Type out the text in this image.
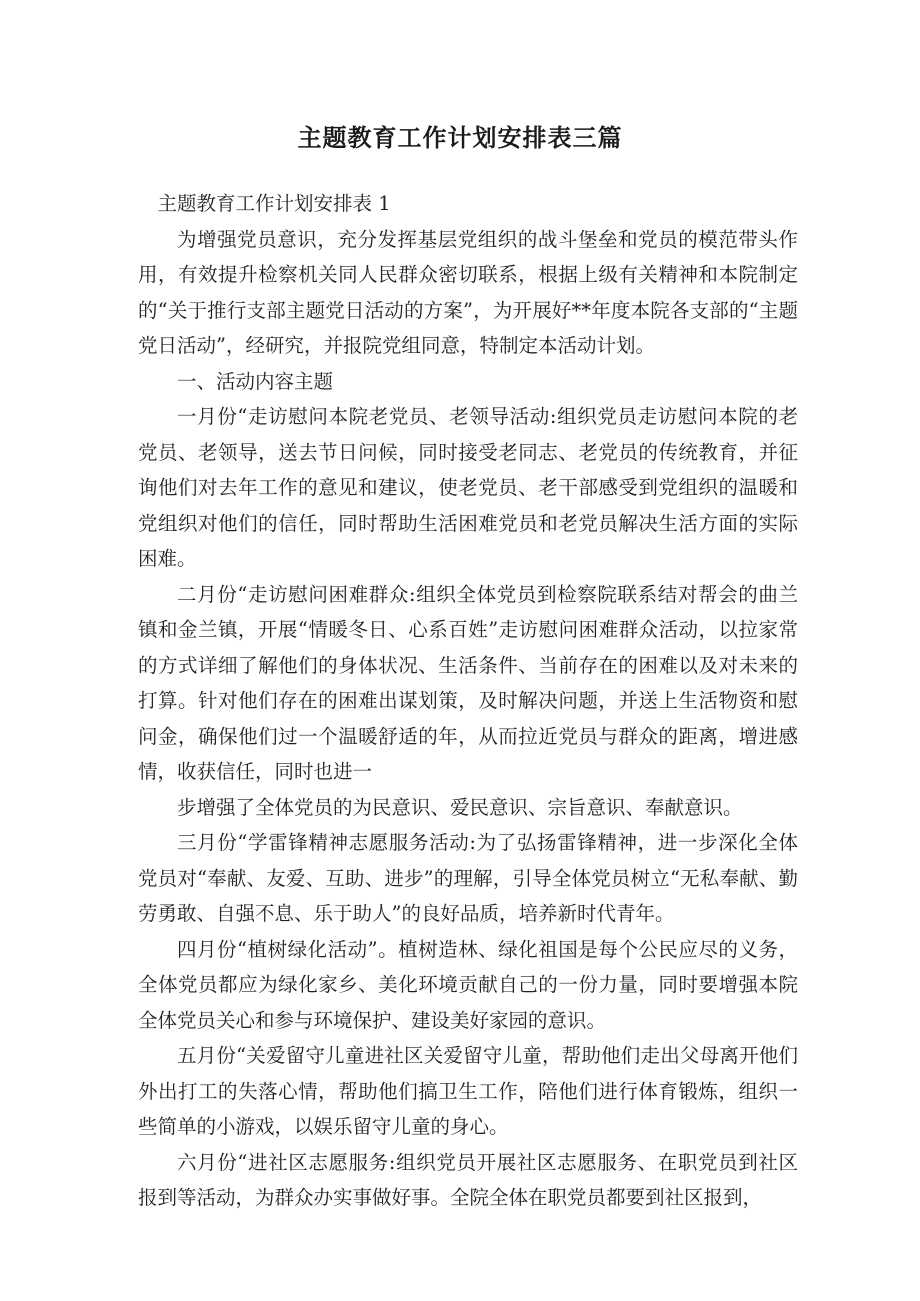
主题教育工作计划安排表三篇

主题教育工作计划安排表 1

为增强党员意识，充分发挥基层党组织的战斗堡垒和党员的模范带头作用，有效提升检察机关同人民群众密切联系，根据上级有关精神和本院制定的“关于推行支部主题党日活动的方案”，为开展好**年度本院各支部的“主题党日活动”，经研究，并报院党组同意，特制定本活动计划。

一、活动内容主题

一月份“走访慰问本院老党员、老领导活动:组织党员走访慰问本院的老党员、老领导，送去节日问候，同时接受老同志、老党员的传统教育，并征询他们对去年工作的意见和建议，使老党员、老干部感受到党组织的温暖和党组织对他们的信任，同时帮助生活困难党员和老党员解决生活方面的实际困难。

二月份“走访慰问困难群众:组织全体党员到检察院联系结对帮会的曲兰镇和金兰镇，开展“情暖冬日、心系百姓”走访慰问困难群众活动，以拉家常的方式详细了解他们的身体状况、生活条件、当前存在的困难以及对未来的打算。针对他们存在的困难出谋划策，及时解决问题，并送上生活物资和慰问金，确保他们过一个温暖舒适的年，从而拉近党员与群众的距离，增进感情，收获信任，同时也进一

步增强了全体党员的为民意识、爱民意识、宗旨意识、奉献意识。

三月份“学雷锋精神志愿服务活动:为了弘扬雷锋精神，进一步深化全体党员对“奉献、友爱、互助、进步”的理解，引导全体党员树立“无私奉献、勤劳勇敢、自强不息、乐于助人”的良好品质，培养新时代青年。

四月份“植树绿化活动”。植树造林、绿化祖国是每个公民应尽的义务，全体党员都应为绿化家乡、美化环境贡献自己的一份力量，同时要增强本院全体党员关心和参与环境保护、建设美好家园的意识。

五月份“关爱留守儿童进社区关爱留守儿童，帮助他们走出父母离开他们外出打工的失落心情，帮助他们搞卫生工作，陪他们进行体育锻炼，组织一些简单的小游戏，以娱乐留守儿童的身心。

六月份“进社区志愿服务:组织党员开展社区志愿服务、在职党员到社区报到等活动，为群众办实事做好事。全院全体在职党员都要到社区报到，
